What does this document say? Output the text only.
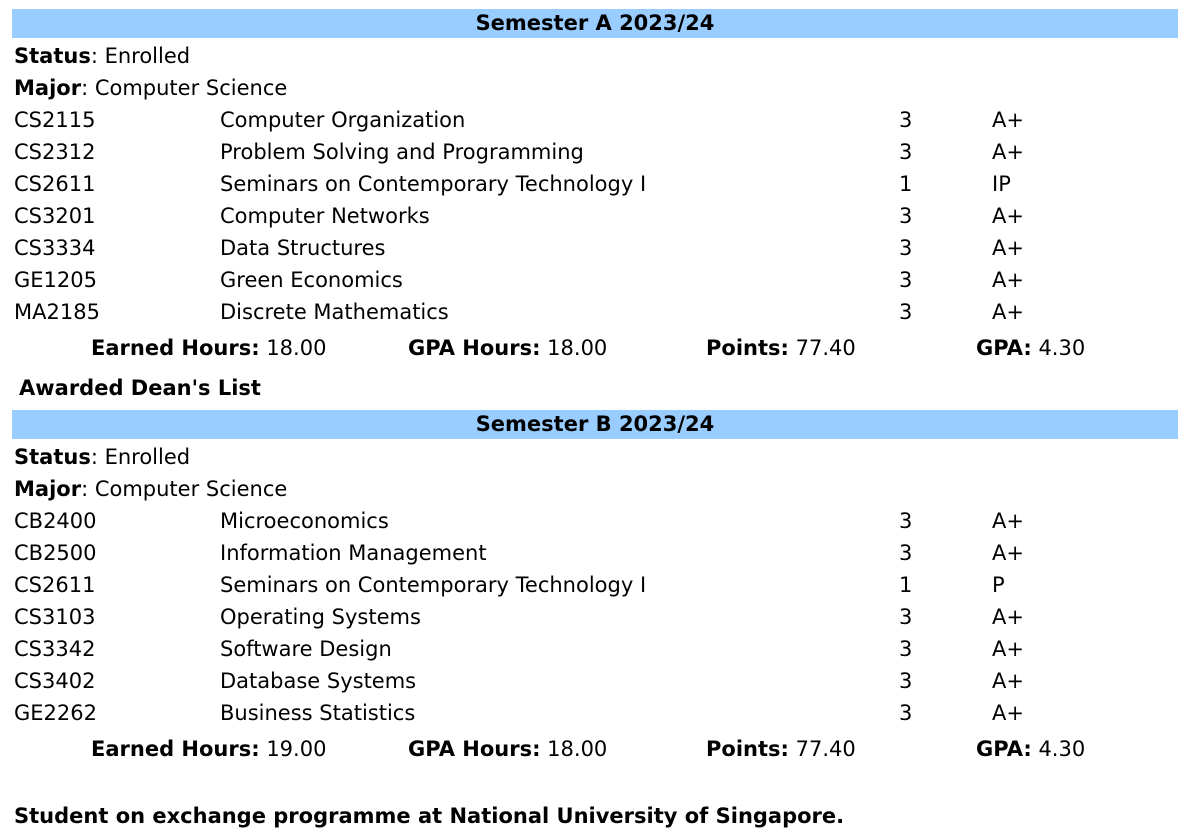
Semester A 2023/24
Status: Enrolled
Major: Computer Science
CS2115	Computer Organization	3	A+
CS2312	Problem Solving and Programming	3	A+
CS2611	Seminars on Contemporary Technology I	1	IP
CS3201	Computer Networks	3	A+
CS3334	Data Structures	3	A+
GE1205	Green Economics	3	A+
MA2185	Discrete Mathematics	3	A+
Earned Hours: 18.00	GPA Hours: 18.00	Points: 77.40	GPA: 4.30
Awarded Dean's List
Semester B 2023/24
Status: Enrolled
Major: Computer Science
CB2400	Microeconomics	3	A+
CB2500	Information Management	3	A+
CS2611	Seminars on Contemporary Technology I	1	P
CS3103	Operating Systems	3	A+
CS3342	Software Design	3	A+
CS3402	Database Systems	3	A+
GE2262	Business Statistics	3	A+
Earned Hours: 19.00	GPA Hours: 18.00	Points: 77.40	GPA: 4.30
Student on exchange programme at National University of Singapore.
